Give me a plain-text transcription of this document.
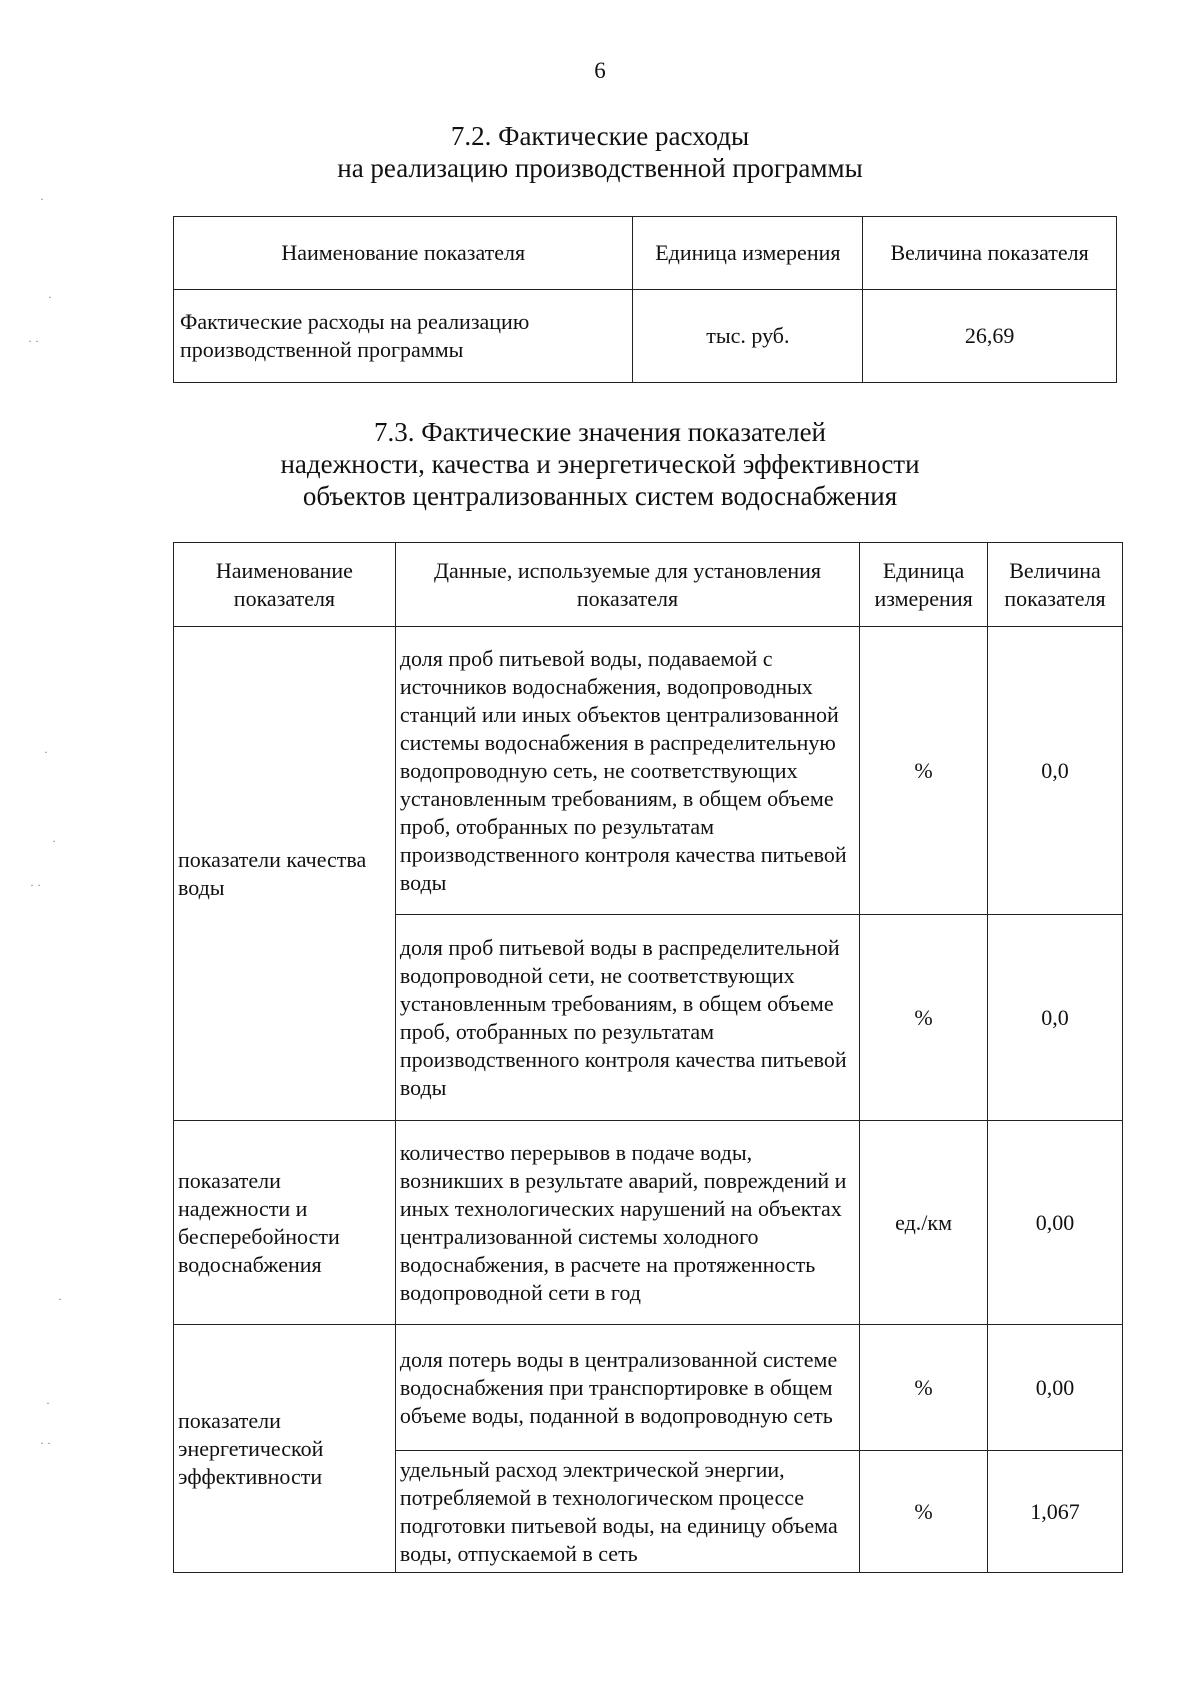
6
7.2. Фактические расходы
на реализацию производственной программы
Наименование показателя	Единица измерения	Величина показателя
Фактические расходы на реализацию производственной программы	тыс. руб.	26,69
7.3. Фактические значения показателей
надежности, качества и энергетической эффективности
объектов централизованных систем водоснабжения
Наименование показателя	Данные, используемые для установления показателя	Единица измерения	Величина показателя
показатели качества воды	доля проб питьевой воды, подаваемой с источников водоснабжения, водопроводных станций или иных объектов централизованной системы водоснабжения в распределительную водопроводную сеть, не соответствующих установленным требованиям, в общем объеме проб, отобранных по результатам производственного контроля качества питьевой воды	%	0,0
	доля проб питьевой воды в распределительной водопроводной сети, не соответствующих установленным требованиям, в общем объеме проб, отобранных по результатам производственного контроля качества питьевой воды	%	0,0
показатели надежности и бесперебойности водоснабжения	количество перерывов в подаче воды, возникших в результате аварий, повреждений и иных технологических нарушений на объектах централизованной системы холодного водоснабжения, в расчете на протяженность водопроводной сети в год	ед./км	0,00
показатели энергетической эффективности	доля потерь воды в централизованной системе водоснабжения при транспортировке в общем объеме воды, поданной в водопроводную сеть	%	0,00
	удельный расход электрической энергии, потребляемой в технологическом процессе подготовки питьевой воды, на единицу объема воды, отпускаемой в сеть	%	1,067
·
·
· ·
·
·
· ·
·
·
· ·
